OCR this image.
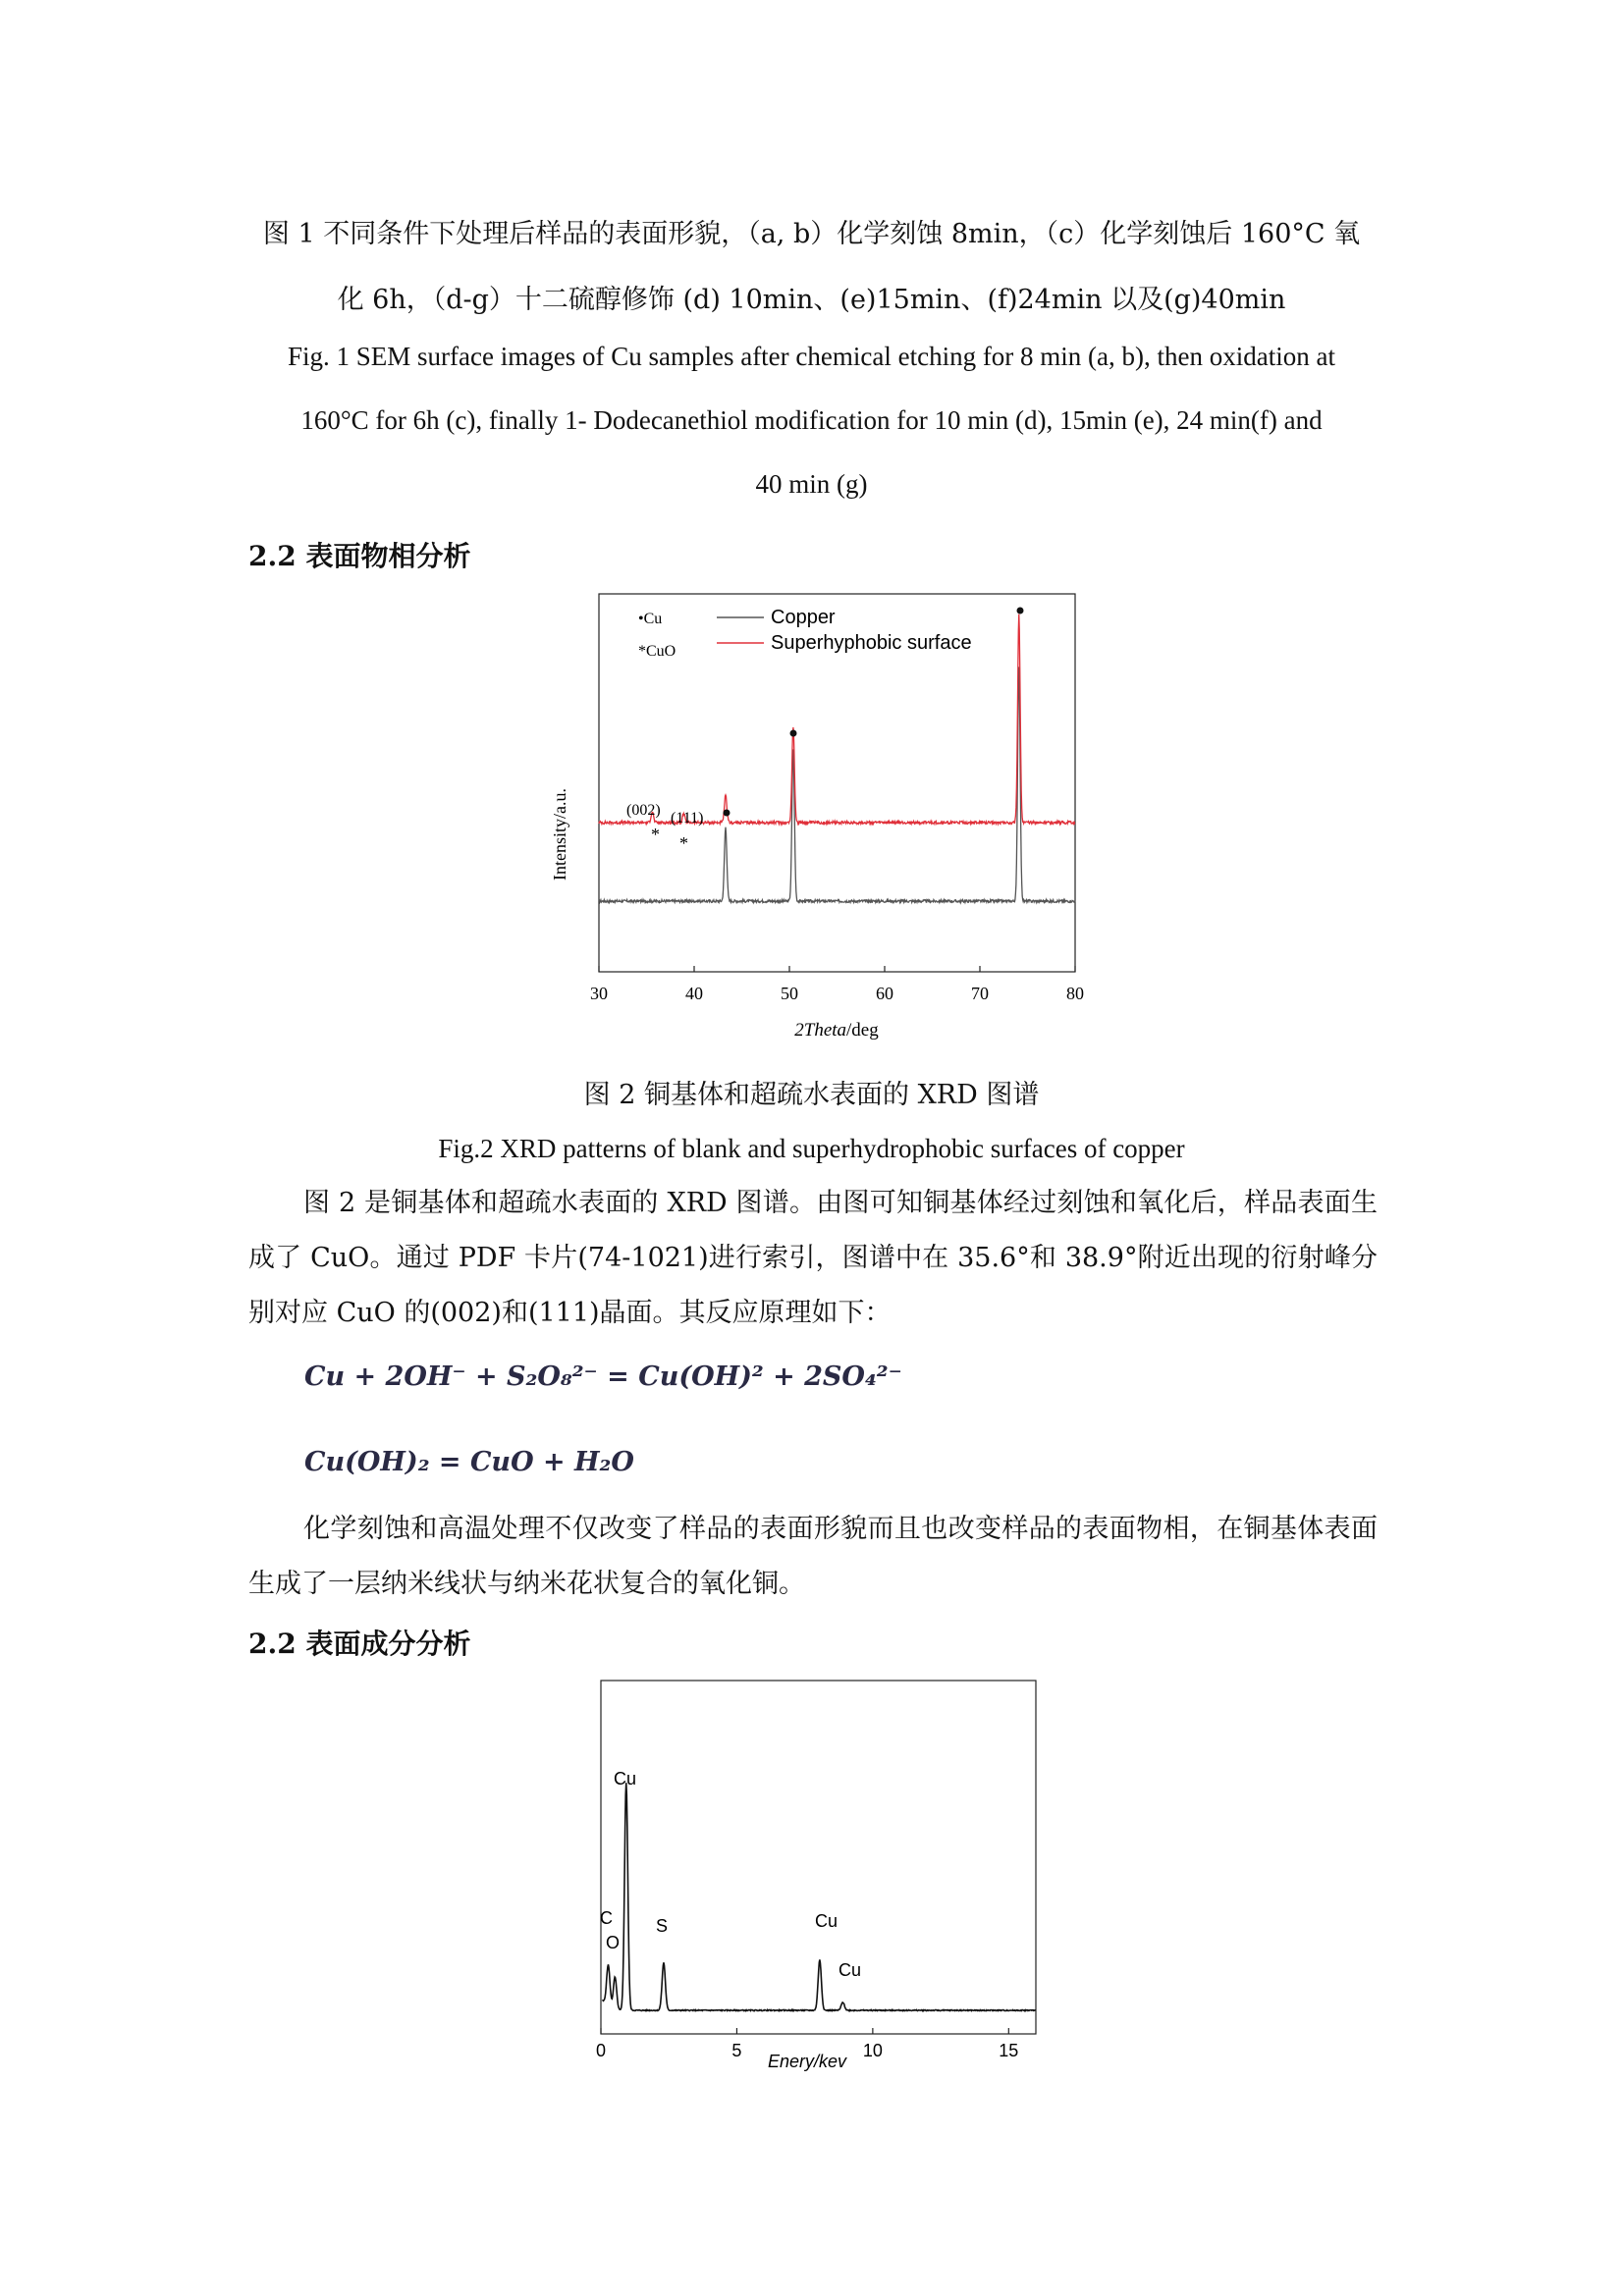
图 1 不同条件下处理后样品的表面形貌，（a, b）化学刻蚀 8min，（c）化学刻蚀后 160°C 氧
化 6h，（d-g）十二硫醇修饰 (d) 10min、(e)15min、(f)24min 以及(g)40min
Fig. 1 SEM surface images of Cu samples after chemical etching for 8 min (a, b), then oxidation at
160°C for 6h (c), finally 1- Dodecanethiol modification for 10 min (d), 15min (e), 24 min(f) and
40 min (g)
2.2 表面物相分析
30	40	50	60	70	80
•Cu
*CuO
Copper
Superhyphobic surface
(002) (111)
* *
Intensity/a.u.
2Theta/deg
图 2 铜基体和超疏水表面的 XRD 图谱
Fig.2 XRD patterns of blank and superhydrophobic surfaces of copper
图 2 是铜基体和超疏水表面的 XRD 图谱。由图可知铜基体经过刻蚀和氧化后，样品表面生成了 CuO。通过 PDF 卡片(74-1021)进行索引，图谱中在 35.6°和 38.9°附近出现的衍射峰分别对应 CuO 的(002)和(111)晶面。其反应原理如下：
Cu + 2OH⁻ + S₂O₈²⁻ = Cu(OH)² + 2SO₄²⁻
Cu(OH)₂ = CuO + H₂O
化学刻蚀和高温处理不仅改变了样品的表面形貌而且也改变样品的表面物相，在铜基体表面生成了一层纳米线状与纳米花状复合的氧化铜。
2.2 表面成分分析
0	5	10	15
C
O
Cu
S	Cu
Cu
Enery/kev
